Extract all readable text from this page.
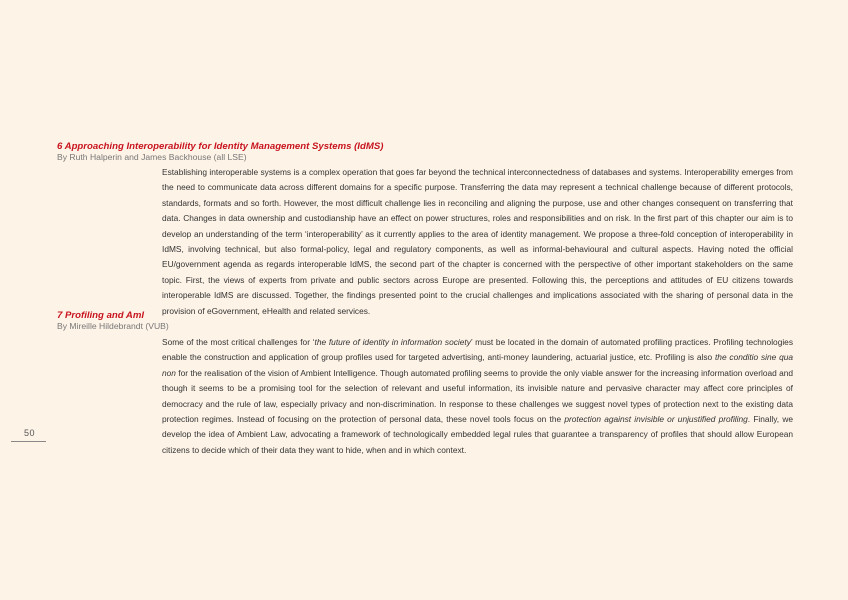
6 Approaching Interoperability for Identity Management Systems (IdMS)

By Ruth Halperin and James Backhouse (all LSE)

Establishing interoperable systems is a complex operation that goes far beyond the technical interconnectedness of databases and systems. Interoperability emerges from the need to communicate data across different domains for a specific purpose. Transferring the data may represent a technical challenge because of different protocols, standards, formats and so forth. However, the most difficult challenge lies in reconciling and aligning the purpose, use and other changes consequent on transferring that data. Changes in data ownership and custodianship have an effect on power structures, roles and responsibilities and on risk. In the first part of this chapter our aim is to develop an understanding of the term ‘interoperability’ as it currently applies to the area of identity management. We propose a three-fold conception of interoperability in IdMS, involving technical, but also formal-policy, legal and regulatory components, as well as informal-behavioural and cultural aspects. Having noted the official EU/government agenda as regards interoperable IdMS, the second part of the chapter is concerned with the perspective of other important stakeholders on the same topic. First, the views of experts from private and public sectors across Europe are presented. Following this, the perceptions and attitudes of EU citizens towards interoperable IdMS are discussed. Together, the findings presented point to the crucial challenges and implications associated with the sharing of personal data in the provision of eGovernment, eHealth and related services.

7 Profiling and AmI

By Mireille Hildebrandt (VUB)

Some of the most critical challenges for ‘the future of identity in information society’ must be located in the domain of automated profiling practices. Profiling technologies enable the construction and application of group profiles used for targeted advertising, anti-money laundering, actuarial justice, etc. Profiling is also the conditio sine qua non for the realisation of the vision of Ambient Intelligence. Though automated profiling seems to provide the only viable answer for the increasing information overload and though it seems to be a promising tool for the selection of relevant and useful information, its invisible nature and pervasive character may affect core principles of democracy and the rule of law, especially privacy and non-discrimination. In response to these challenges we suggest novel types of protection next to the existing data protection regimes. Instead of focusing on the protection of personal data, these novel tools focus on the protection against invisible or unjustified profiling. Finally, we develop the idea of Ambient Law, advocating a framework of technologically embedded legal rules that guarantee a transparency of profiles that should allow European citizens to decide which of their data they want to hide, when and in which context.

50
